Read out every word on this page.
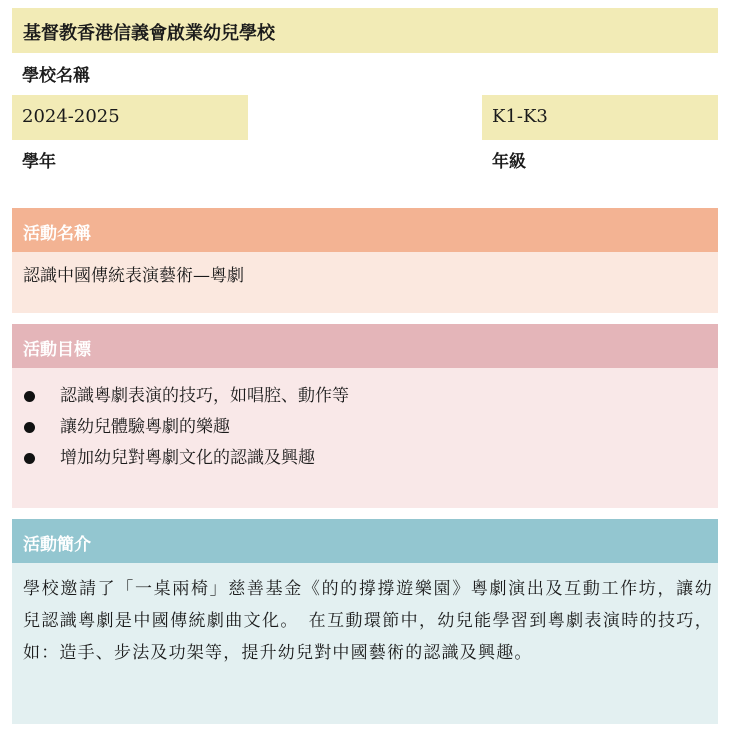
基督教香港信義會啟業幼兒學校
學校名稱
2024-2025
學年
K1-K3
年級
活動名稱
認識中國傳統表演藝術—粵劇
活動目標
認識粵劇表演的技巧，如唱腔、動作等
讓幼兒體驗粵劇的樂趣
增加幼兒對粵劇文化的認識及興趣
活動簡介

學校邀請了「一桌兩椅」慈善基金《的的撐撐遊樂園》粵劇演出及互動工作坊，讓幼兒認識粵劇是中國傳統劇曲文化。　在互動環節中，幼兒能學習到粵劇表演時的技巧，如：造手、步法及功架等，提升幼兒對中國藝術的認識及興趣。
